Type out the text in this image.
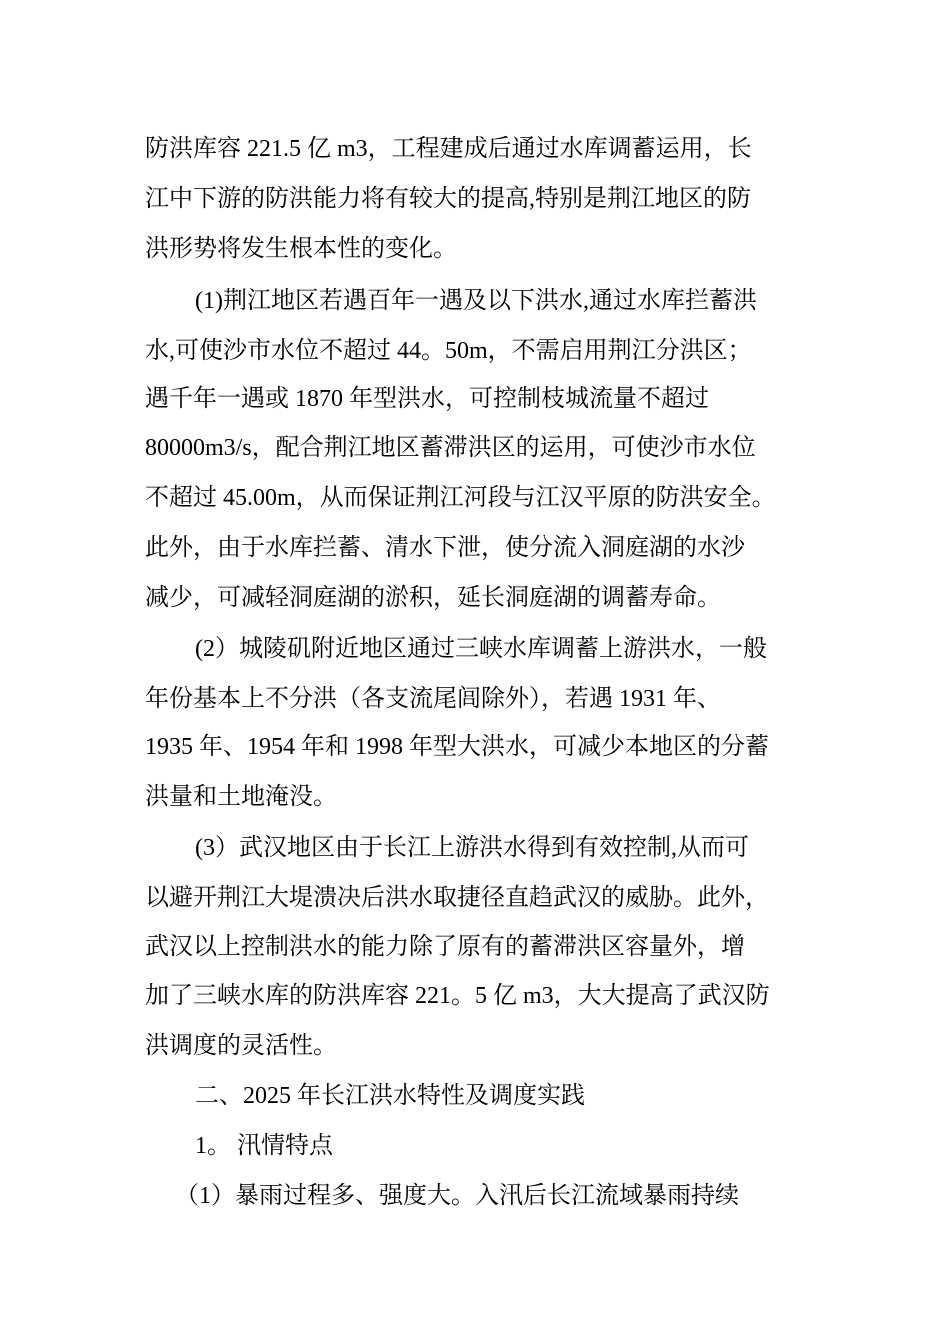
防洪库容 221.5 亿 m3，工程建成后通过水库调蓄运用，长
江中下游的防洪能力将有较大的提高,特别是荆江地区的防
洪形势将发生根本性的变化。
(1)荆江地区若遇百年一遇及以下洪水,通过水库拦蓄洪
水,可使沙市水位不超过 44。50m，不需启用荆江分洪区；
遇千年一遇或 1870 年型洪水，可控制枝城流量不超过
80000m3/s，配合荆江地区蓄滞洪区的运用，可使沙市水位
不超过 45.00m，从而保证荆江河段与江汉平原的防洪安全。
此外，由于水库拦蓄、清水下泄，使分流入洞庭湖的水沙
减少，可减轻洞庭湖的淤积，延长洞庭湖的调蓄寿命。
(2）城陵矶附近地区通过三峡水库调蓄上游洪水，一般
年份基本上不分洪（各支流尾闾除外），若遇 1931 年、
1935 年、1954 年和 1998 年型大洪水，可减少本地区的分蓄
洪量和土地淹没。
(3）武汉地区由于长江上游洪水得到有效控制,从而可
以避开荆江大堤溃决后洪水取捷径直趋武汉的威胁。此外，
武汉以上控制洪水的能力除了原有的蓄滞洪区容量外，增
加了三峡水库的防洪库容 221。5 亿 m3，大大提高了武汉防
洪调度的灵活性。
二、2025 年长江洪水特性及调度实践
1。 汛情特点
（1）暴雨过程多、强度大。入汛后长江流域暴雨持续
